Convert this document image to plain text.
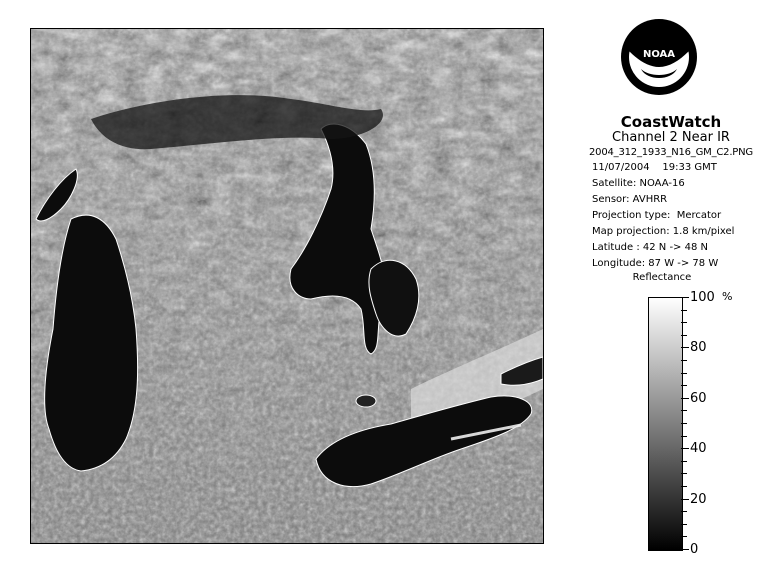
NOAA
CoastWatch
Channel 2 Near IR
2004_312_1933_N16_GM_C2.PNG
11/07/2004 19:33 GMT
Satellite: NOAA-16
Sensor: AVHRR
Projection type:  Mercator
Map projection: 1.8 km/pixel
Latitude : 42 N -> 48 N
Longitude: 87 W -> 78 W
Reflectance
%
100
80
60
40
20
0
